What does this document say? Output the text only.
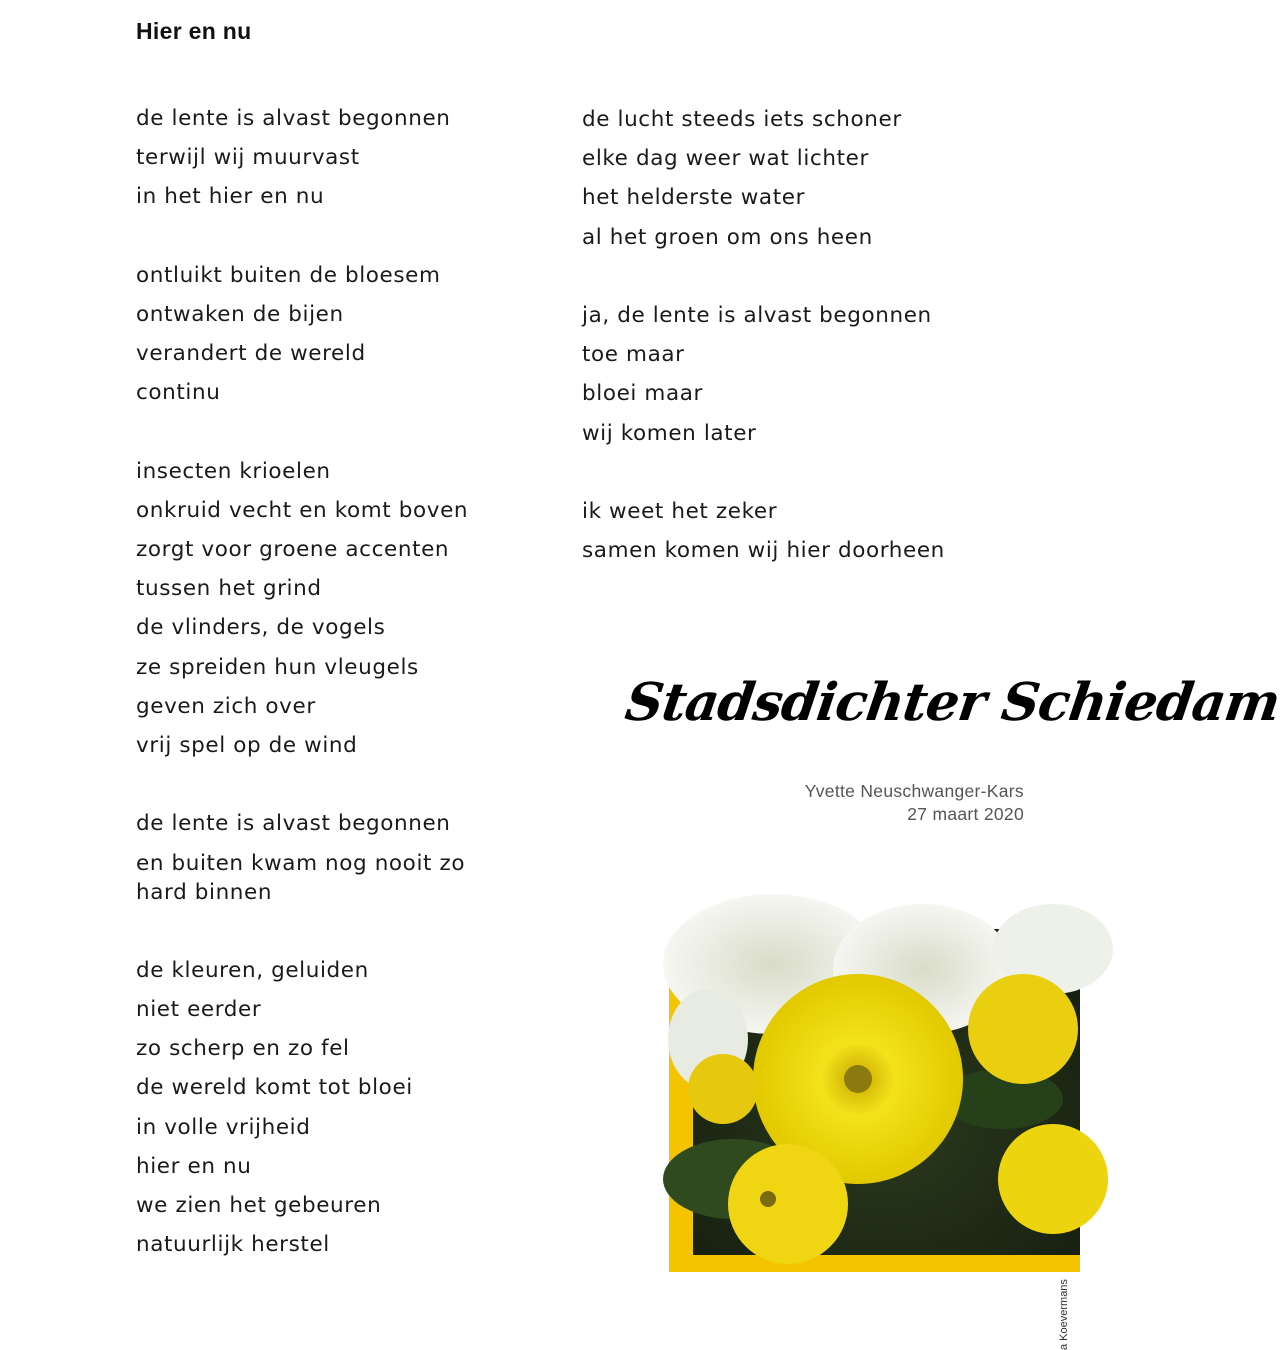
Hier en nu
de lente is alvast begonnen
terwijl wij muurvast
in het hier en nu
ontluikt buiten de bloesem
ontwaken de bijen
verandert de wereld
continu
insecten krioelen
onkruid vecht en komt boven
zorgt voor groene accenten
tussen het grind
de vlinders, de vogels
ze spreiden hun vleugels
geven zich over
vrij spel op de wind
de lente is alvast begonnen
en buiten kwam nog nooit zo hard binnen
de kleuren, geluiden
niet eerder
zo scherp en zo fel
de wereld komt tot bloei
in volle vrijheid
hier en nu
we zien het gebeuren
natuurlijk herstel
de lucht steeds iets schoner
elke dag weer wat lichter
het helderste water
al het groen om ons heen
ja, de lente is alvast begonnen
toe maar
bloei maar
wij komen later
ik weet het zeker
samen komen wij hier doorheen
Stadsdichter Schiedam
Yvette Neuschwanger-Kars
27 maart 2020
a Koevermans
